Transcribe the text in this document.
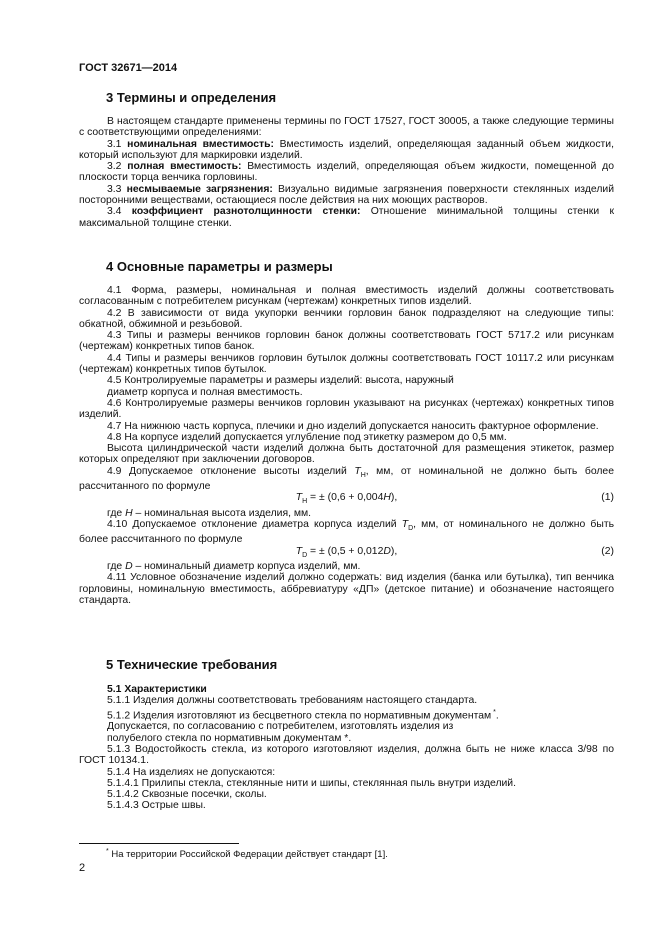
ГОСТ 32671—2014
3 Термины и определения

В настоящем стандарте применены термины по ГОСТ 17527, ГОСТ 30005, а также следующие термины с соответствующими определениями:

3.1 номинальная вместимость: Вместимость изделий, определяющая заданный объем жидкости, который используют для маркировки изделий.

3.2 полная вместимость: Вместимость изделий, определяющая объем жидкости, помещенной до плоскости торца венчика горловины.

3.3 несмываемые загрязнения: Визуально видимые загрязнения поверхности стеклянных изделий посторонними веществами, остающиеся после действия на них моющих растворов.

3.4 коэффициент разнотолщинности стенки: Отношение минимальной толщины стенки к максимальной толщине стенки.

4 Основные параметры и размеры

4.1 Форма, размеры, номинальная и полная вместимость изделий должны соответствовать согласованным с потребителем рисункам (чертежам) конкретных типов изделий.

4.2 В зависимости от вида укупорки венчики горловин банок подразделяют на следующие типы: обкатной, обжимной и резьбовой.

4.3 Типы и размеры венчиков горловин банок должны соответствовать ГОСТ 5717.2 или рисункам (чертежам) конкретных типов банок.

4.4 Типы и размеры венчиков горловин бутылок должны соответствовать ГОСТ 10117.2 или рисункам (чертежам) конкретных типов бутылок.

4.5 Контролируемые параметры и размеры изделий: высота, наружный

диаметр корпуса и полная вместимость.

4.6 Контролируемые размеры венчиков горловин указывают на рисунках (чертежах) конкретных типов изделий.

4.7 На нижнюю часть корпуса, плечики и дно изделий допускается наносить фактурное оформление.

4.8 На корпусе изделий допускается углубление под этикетку размером до 0,5 мм.

Высота цилиндрической части изделий должна быть достаточной для размещения этикеток, размер которых определяют при заключении договоров.

4.9 Допускаемое отклонение высоты изделий $T_H$, мм, от номинальной не должно быть более рассчитанного по формуле

$T_H$ = ± (0,6 + 0,004H),	(1)

где H – номинальная высота изделия, мм.

4.10 Допускаемое отклонение диаметра корпуса изделий $T_D$, мм, от номинального не должно быть более рассчитанного по формуле

$T_D$ = ± (0,5 + 0,012D),	(2)

где D – номинальный диаметр корпуса изделий, мм.

4.11 Условное обозначение изделий должно содержать: вид изделия (банка или бутылка), тип венчика горловины, номинальную вместимость, аббревиатуру «ДП» (детское питание) и обозначение настоящего стандарта.

5 Технические требования

5.1 Характеристики

5.1.1 Изделия должны соответствовать требованиям настоящего стандарта.

5.1.2 Изделия изготовляют из бесцветного стекла по нормативным документам *.

Допускается, по согласованию с потребителем, изготовлять изделия из

полубелого стекла по нормативным документам *.

5.1.3 Водостойкость стекла, из которого изготовляют изделия, должна быть не ниже класса 3/98 по ГОСТ 10134.1.

5.1.4 На изделиях не допускаются:

5.1.4.1 Прилипы стекла, стеклянные нити и шипы, стеклянная пыль внутри изделий.

5.1.4.2 Сквозные посечки, сколы.

5.1.4.3 Острые швы.

* На территории Российской Федерации действует стандарт [1].
2
